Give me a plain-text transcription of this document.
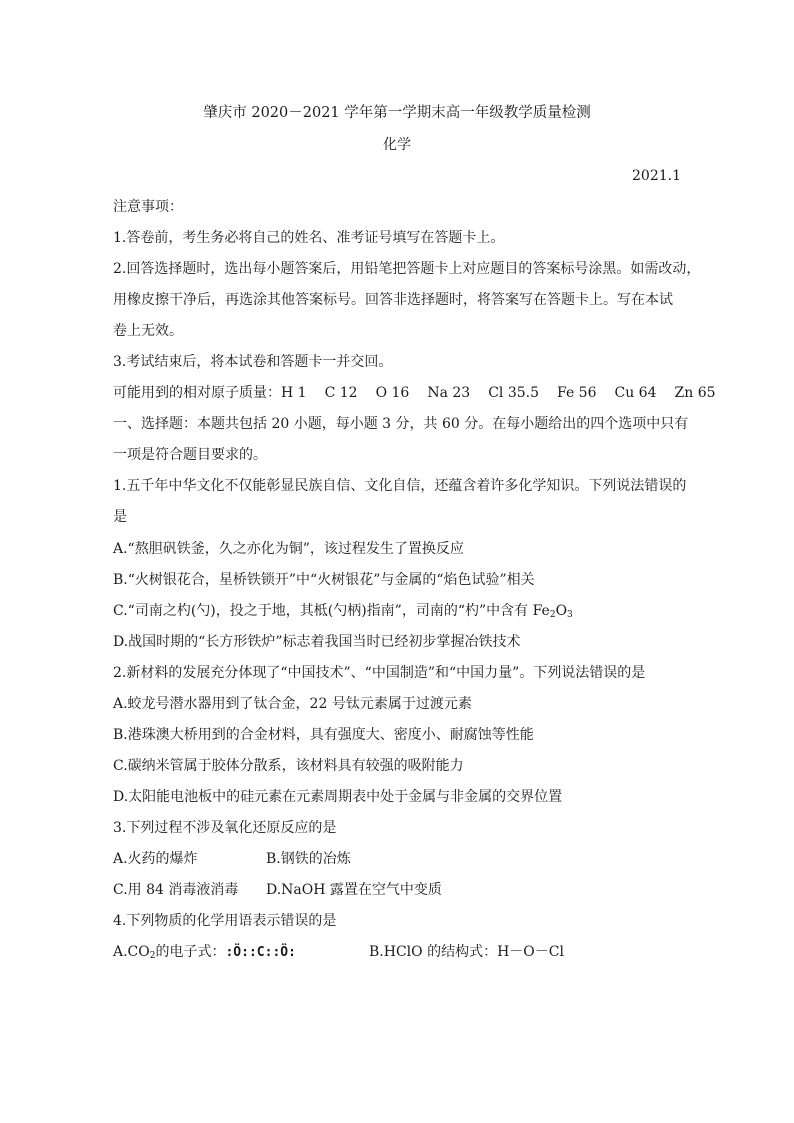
肇庆市 2020－2021 学年第一学期末高一年级教学质量检测
化学
2021.1
注意事项：
1.答卷前，考生务必将自己的姓名、准考证号填写在答题卡上。
2.回答选择题时，选出每小题答案后，用铅笔把答题卡上对应题目的答案标号涂黑。如需改动，
用橡皮擦干净后，再选涂其他答案标号。回答非选择题时，将答案写在答题卡上。写在本试
卷上无效。
3.考试结束后，将本试卷和答题卡一并交回。
可能用到的相对原子质量：H 1 C 12 O 16 Na 23 Cl 35.5 Fe 56 Cu 64 Zn 65
一、选择题：本题共包括 20 小题，每小题 3 分，共 60 分。在每小题给出的四个选项中只有
一项是符合题目要求的。
1.五千年中华文化不仅能彰显民族自信、文化自信，还蕴含着许多化学知识。下列说法错误的
是
A.“熬胆矾铁釜，久之亦化为铜”，该过程发生了置换反应
B.“火树银花合，星桥铁锁开”中“火树银花”与金属的“焰色试验”相关
C.“司南之杓(勺)，投之于地，其柢(勺柄)指南”，司南的“杓”中含有 $Fe_2O_3$
D.战国时期的“长方形铁炉”标志着我国当时已经初步掌握冶铁技术
2.新材料的发展充分体现了“中国技术”、“中国制造”和“中国力量”。下列说法错误的是
A.蛟龙号潜水器用到了钛合金，22 号钛元素属于过渡元素
B.港珠澳大桥用到的合金材料，具有强度大、密度小、耐腐蚀等性能
C.碳纳米管属于胶体分散系，该材料具有较强的吸附能力
D.太阳能电池板中的硅元素在元素周期表中处于金属与非金属的交界位置
3.下列过程不涉及氧化还原反应的是
A.火药的爆炸	B.钢铁的冶炼
C.用 84 消毒液消毒 D.NaOH 露置在空气中变质
4.下列物质的化学用语表示错误的是
$A.CO_2$的电子式：:Ö::C::Ö:	B.HClO 的结构式：H－O－Cl
